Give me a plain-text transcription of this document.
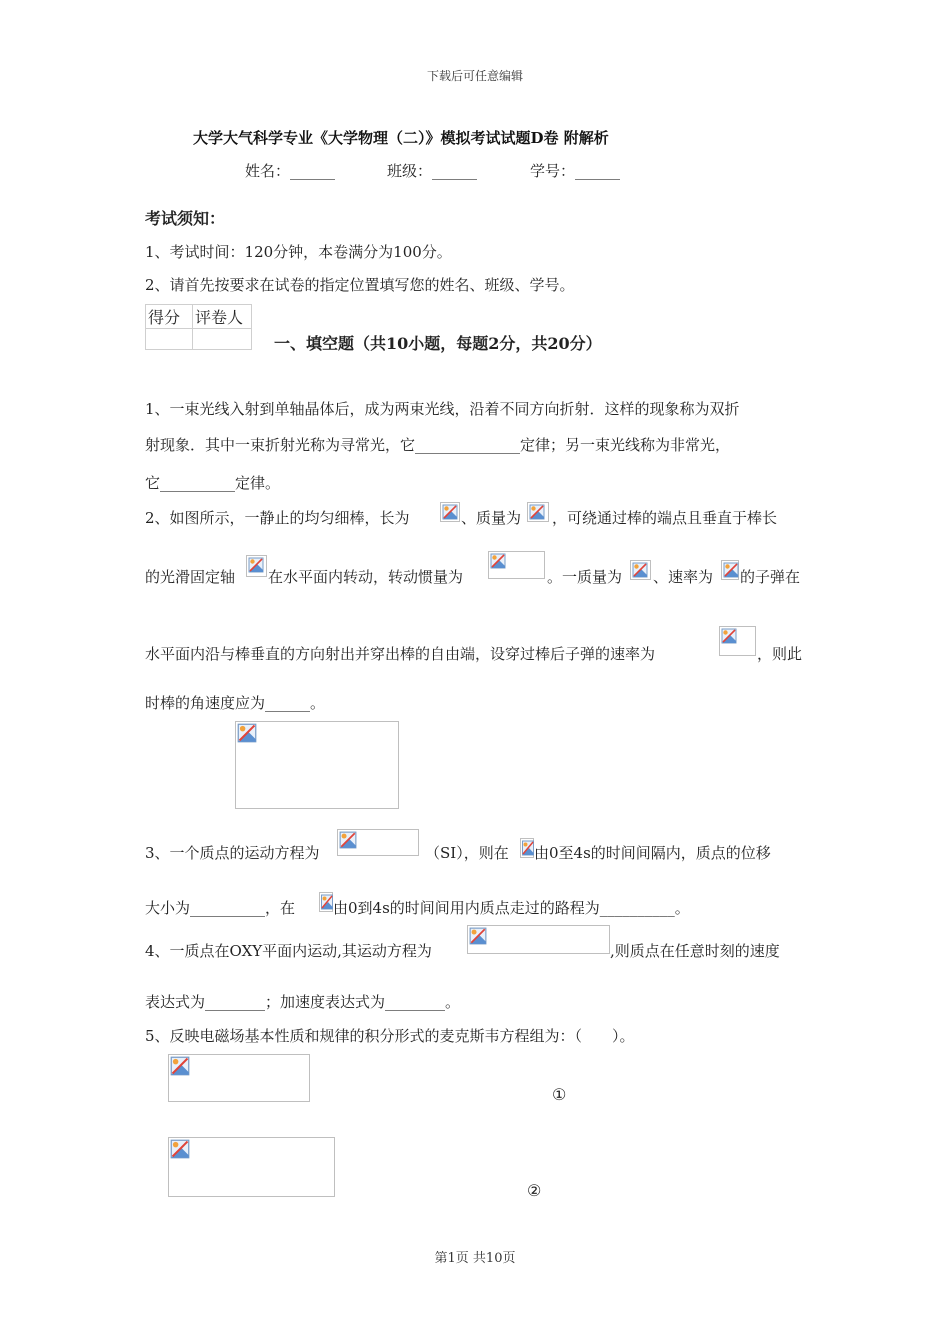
下载后可任意编辑
大学大气科学专业《大学物理（二）》模拟考试试题D卷 附解析
姓名：______	班级：______	学号：______
考试须知：
1、考试时间：120分钟，本卷满分为100分。
2、请首先按要求在试卷的指定位置填写您的姓名、班级、学号。
得分	评卷人

一、填空题（共10小题，每题2分，共20分）
1、一束光线入射到单轴晶体后，成为两束光线，沿着不同方向折射．这样的现象称为双折
射现象．其中一束折射光称为寻常光，它______________定律；另一束光线称为非常光，
它__________定律。
2、如图所示，一静止的均匀细棒，长为	、质量为 ，可绕通过棒的端点且垂直于棒长
的光滑固定轴 在水平面内转动，转动惯量为	。一质量为 、速率为 的子弹在
水平面内沿与棒垂直的方向射出并穿出棒的自由端，设穿过棒后子弹的速率为	，则此
时棒的角速度应为______。
3、一个质点的运动方程为	（SI），则在 由0至4s的时间间隔内，质点的位移
大小为__________，在	由0到4s的时间间用内质点走过的路程为__________。
4、一质点在OXY平面内运动,其运动方程为	,则质点在任意时刻的速度
表达式为________；加速度表达式为________。
5、反映电磁场基本性质和规律的积分形式的麦克斯韦方程组为：（　　）。
①
②
第1页 共10页
